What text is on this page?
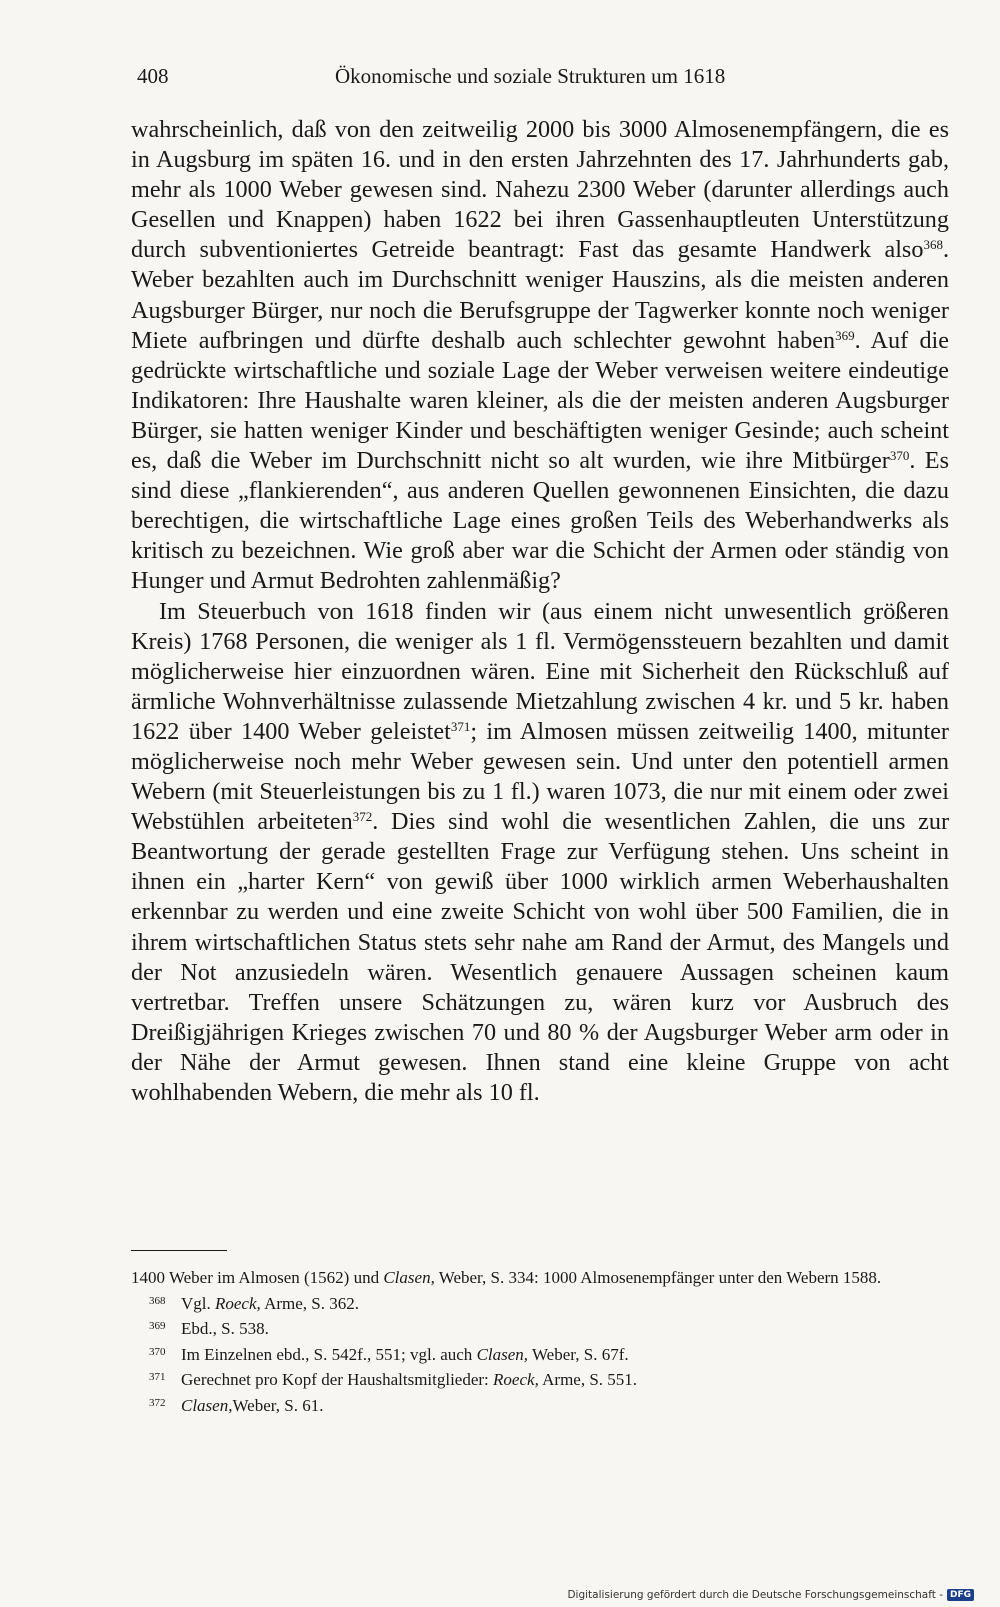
408	Ökonomische und soziale Strukturen um 1618

wahrscheinlich, daß von den zeitweilig 2000 bis 3000 Almosenempfängern, die es in Augsburg im späten 16. und in den ersten Jahrzehnten des 17. Jahrhunderts gab, mehr als 1000 Weber gewesen sind. Nahezu 2300 Weber (darunter allerdings auch Gesellen und Knappen) haben 1622 bei ihren Gassenhauptleuten Unterstützung durch subventioniertes Getreide beantragt: Fast das gesamte Handwerk also$^{368}$. Weber bezahlten auch im Durchschnitt weniger Hauszins, als die meisten anderen Augsburger Bürger, nur noch die Berufsgruppe der Tagwerker konnte noch weniger Miete aufbringen und dürfte deshalb auch schlechter gewohnt haben$^{369}$. Auf die gedrückte wirtschaftliche und soziale Lage der Weber verweisen weitere eindeutige Indikatoren: Ihre Haushalte waren kleiner, als die der meisten anderen Augsburger Bürger, sie hatten weniger Kinder und beschäftigten weniger Gesinde; auch scheint es, daß die Weber im Durchschnitt nicht so alt wurden, wie ihre Mitbürger$^{370}$. Es sind diese „flankierenden“, aus anderen Quellen gewonnenen Einsichten, die dazu berechtigen, die wirtschaftliche Lage eines großen Teils des Weberhandwerks als kritisch zu bezeichnen. Wie groß aber war die Schicht der Armen oder ständig von Hunger und Armut Bedrohten zahlenmäßig?

Im Steuerbuch von 1618 finden wir (aus einem nicht unwesentlich größeren Kreis) 1768 Personen, die weniger als 1 fl. Vermögenssteuern bezahlten und damit möglicherweise hier einzuordnen wären. Eine mit Sicherheit den Rückschluß auf ärmliche Wohnverhältnisse zulassende Mietzahlung zwischen 4 kr. und 5 kr. haben 1622 über 1400 Weber geleistet$^{371}$; im Almosen müssen zeitweilig 1400, mitunter möglicherweise noch mehr Weber gewesen sein. Und unter den potentiell armen Webern (mit Steuerleistungen bis zu 1 fl.) waren 1073, die nur mit einem oder zwei Webstühlen arbeiteten$^{372}$. Dies sind wohl die wesentlichen Zahlen, die uns zur Beantwortung der gerade gestellten Frage zur Verfügung stehen. Uns scheint in ihnen ein „harter Kern“ von gewiß über 1000 wirklich armen Weberhaushalten erkennbar zu werden und eine zweite Schicht von wohl über 500 Familien, die in ihrem wirtschaftlichen Status stets sehr nahe am Rand der Armut, des Mangels und der Not anzusiedeln wären. Wesentlich genauere Aussagen scheinen kaum vertretbar. Treffen unsere Schätzungen zu, wären kurz vor Ausbruch des Dreißigjährigen Krieges zwischen 70 und 80 % der Augsburger Weber arm oder in der Nähe der Armut gewesen. Ihnen stand eine kleine Gruppe von acht wohlhabenden Webern, die mehr als 10 fl.

1400 Weber im Almosen (1562) und Clasen, Weber, S. 334: 1000 Almosenempfänger unter den Webern 1588.

368 Vgl. Roeck, Arme, S. 362.

369 Ebd., S. 538.

370 Im Einzelnen ebd., S. 542f., 551; vgl. auch Clasen, Weber, S. 67f.

371 Gerechnet pro Kopf der Haushaltsmitglieder: Roeck, Arme, S. 551.

372 Clasen,Weber, S. 61.

Digitalisierung gefördert durch die Deutsche Forschungsgemeinschaft - DFG
